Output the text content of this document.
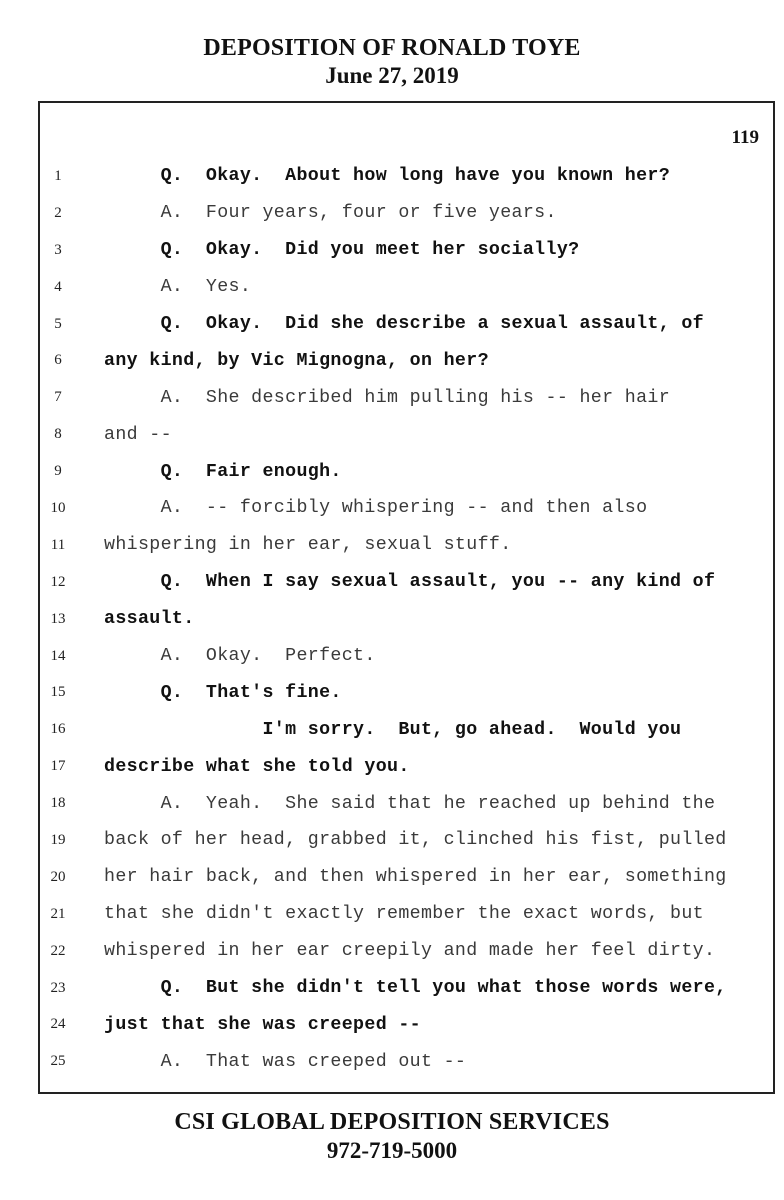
DEPOSITION OF RONALD TOYE
June 27, 2019
119
1	Q.  Okay.  About how long have you known her?
2	A.  Four years, four or five years.
3	Q.  Okay.  Did you meet her socially?
4	A.  Yes.
5	Q.  Okay.  Did she describe a sexual assault, of
6	any kind, by Vic Mignogna, on her?
7	A.  She described him pulling his -- her hair
8	and --
9	Q.  Fair enough.
10	A.  -- forcibly whispering -- and then also
11	whispering in her ear, sexual stuff.
12	Q.  When I say sexual assault, you -- any kind of
13	assault.
14	A.  Okay.  Perfect.
15	Q.  That's fine.
16	I'm sorry.  But, go ahead.  Would you
17	describe what she told you.
18	A.  Yeah.  She said that he reached up behind the
19	back of her head, grabbed it, clinched his fist, pulled
20	her hair back, and then whispered in her ear, something
21	that she didn't exactly remember the exact words, but
22	whispered in her ear creepily and made her feel dirty.
23	Q.  But she didn't tell you what those words were,
24	just that she was creeped --
25	A.  That was creeped out --
CSI GLOBAL DEPOSITION SERVICES
972-719-5000
